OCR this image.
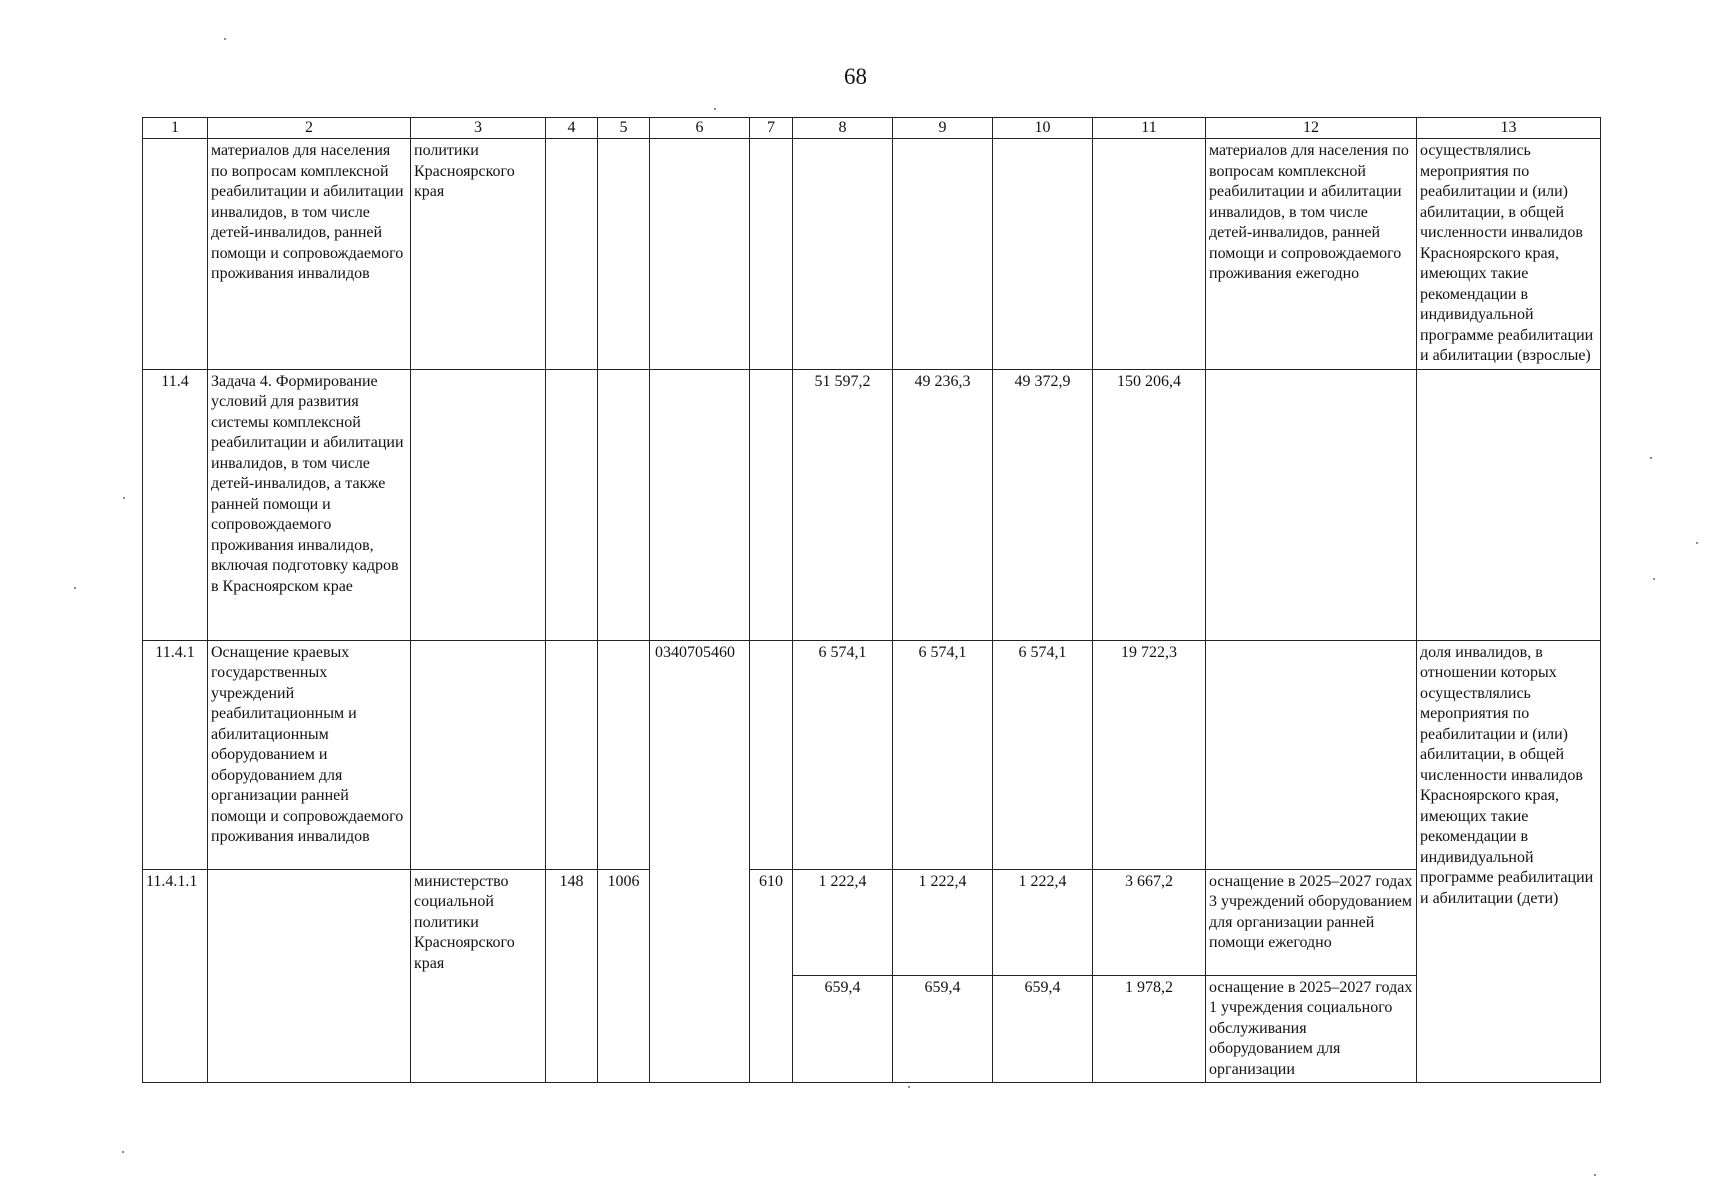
68
1	2	3	4	5	6	7	8	9	10	11	12	13
	материалов для населения по вопросам комплексной реабилитации и абилитации инвалидов, в том числе детей-инвалидов, ранней помощи и сопровождаемого проживания инвалидов	политики Красноярского края									материалов для населения по вопросам комплексной реабилитации и абилитации инвалидов, в том числе детей-инвалидов, ранней помощи и сопровождаемого проживания ежегодно	осуществлялись мероприятия по реабилитации и (или) абилитации, в общей численности инвалидов Красноярского края, имеющих такие рекомендации в индивидуальной программе реабилитации и абилитации (взрослые)
11.4	Задача 4. Формирование условий для развития системы комплексной реабилитации и абилитации инвалидов, в том числе детей-инвалидов, а также ранней помощи и сопровождаемого проживания инвалидов, включая подготовку кадров в Красноярском крае						51 597,2	49 236,3	49 372,9	150 206,4		
11.4.1	Оснащение краевых государственных учреждений реабилитационным и абилитационным оборудованием и оборудованием для организации ранней помощи и сопровождаемого проживания инвалидов				0340705460		6 574,1	6 574,1	6 574,1	19 722,3		доля инвалидов, в отношении которых осуществлялись мероприятия по реабилитации и (или) абилитации, в общей численности инвалидов Красноярского края, имеющих такие рекомендации в индивидуальной программе реабилитации и абилитации (дети)
11.4.1.1		министерство социальной политики Красноярского края	148	1006		610	1 222,4	1 222,4	1 222,4	3 667,2	оснащение в 2025–2027 годах 3 учреждений оборудованием для организации ранней помощи ежегодно	
							659,4	659,4	659,4	1 978,2	оснащение в 2025–2027 годах 1 учреждения социального обслуживания оборудованием для организации	
